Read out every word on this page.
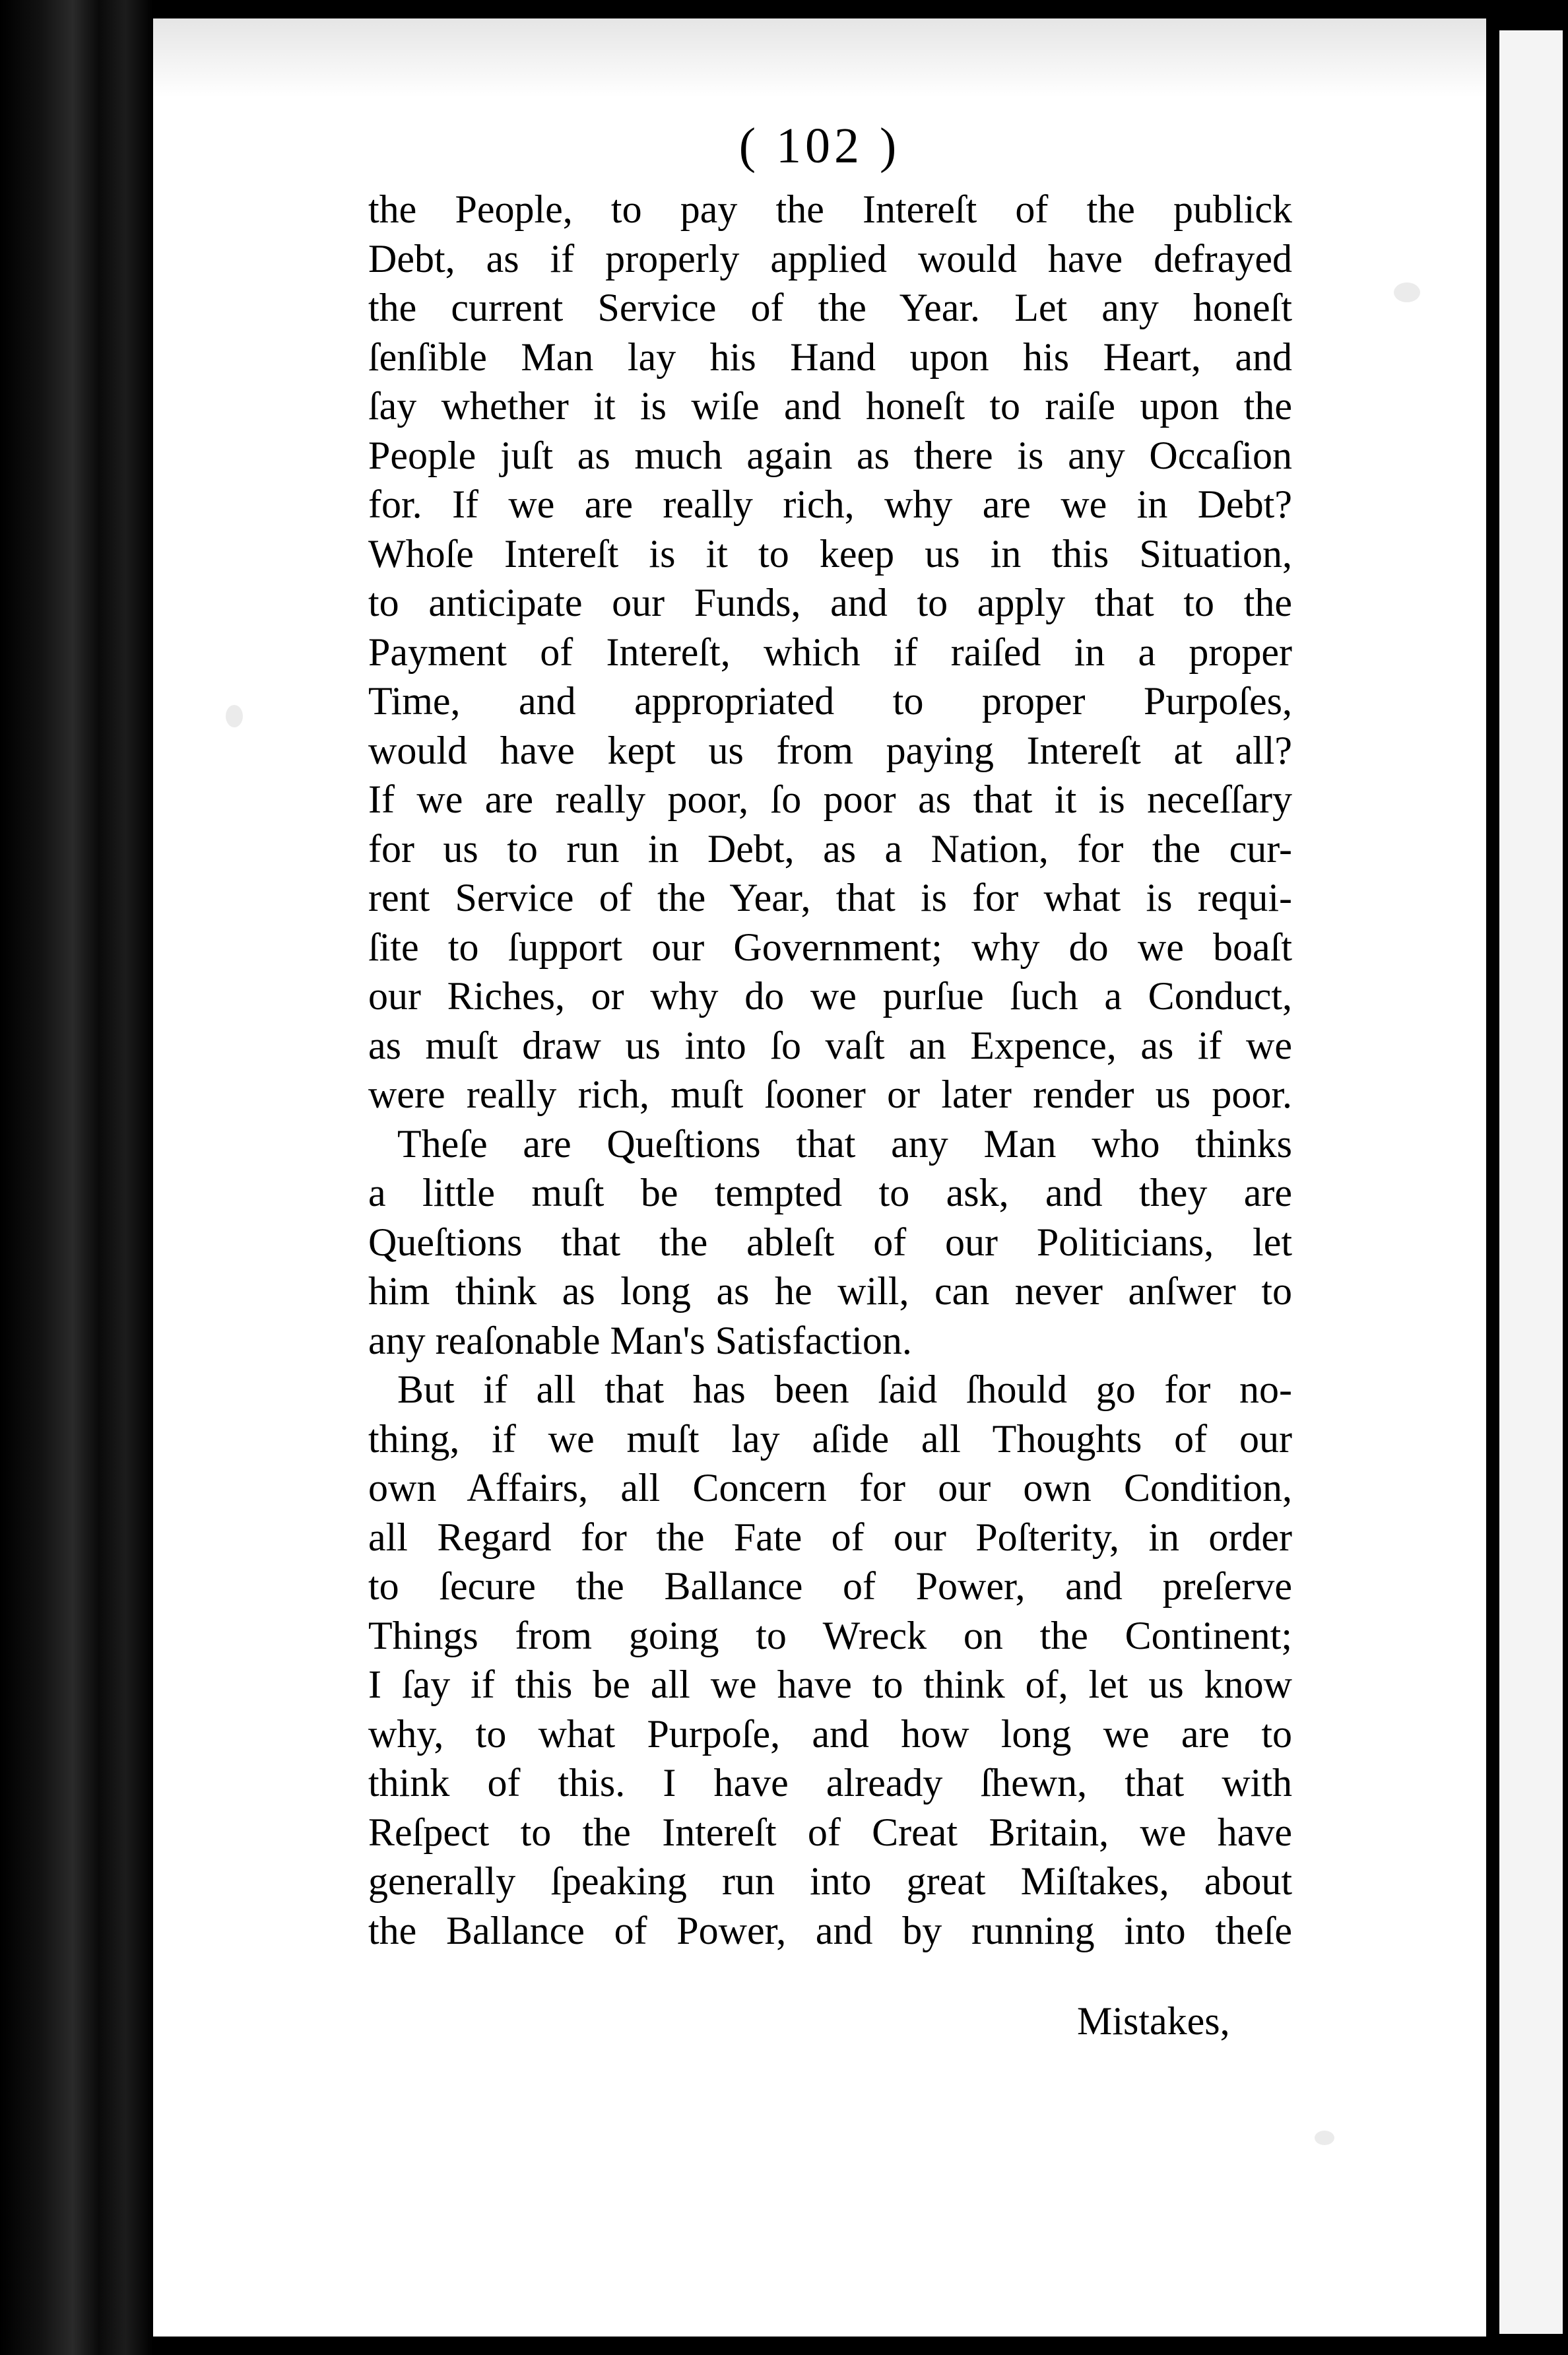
( 102 )
the People, to pay the Intereſt of the publick
Debt, as if properly applied would have defrayed
the current Service of the Year. Let any honeſt
ſenſible Man lay his Hand upon his Heart, and
ſay whether it is wiſe and honeſt to raiſe upon the
People juſt as much again as there is any Occaſion
for. If we are really rich, why are we in Debt?
Whoſe Intereſt is it to keep us in this Situation,
to anticipate our Funds, and to apply that to the
Payment of Intereſt, which if raiſed in a proper
Time, and appropriated to proper Purpoſes,
would have kept us from paying Intereſt at all?
If we are really poor, ſo poor as that it is neceſſary
for us to run in Debt, as a Nation, for the cur-
rent Service of the Year, that is for what is requi-
ſite to ſupport our Government; why do we boaſt
our Riches, or why do we purſue ſuch a Conduct,
as muſt draw us into ſo vaſt an Expence, as if we
were really rich, muſt ſooner or later render us poor.
Theſe are Queſtions that any Man who thinks
a little muſt be tempted to ask, and they are
Queſtions that the ableſt of our Politicians, let
him think as long as he will, can never anſwer to
any reaſonable Man's Satisfaction.
But if all that has been ſaid ſhould go for no-
thing, if we muſt lay aſide all Thoughts of our
own Affairs, all Concern for our own Condition,
all Regard for the Fate of our Poſterity, in order
to ſecure the Ballance of Power, and preſerve
Things from going to Wreck on the Continent;
I ſay if this be all we have to think of, let us know
why, to what Purpoſe, and how long we are to
think of this. I have already ſhewn, that with
Reſpect to the Intereſt of Creat Britain, we have
generally ſpeaking run into great Miſtakes, about
the Ballance of Power, and by running into theſe
Mistakes,
